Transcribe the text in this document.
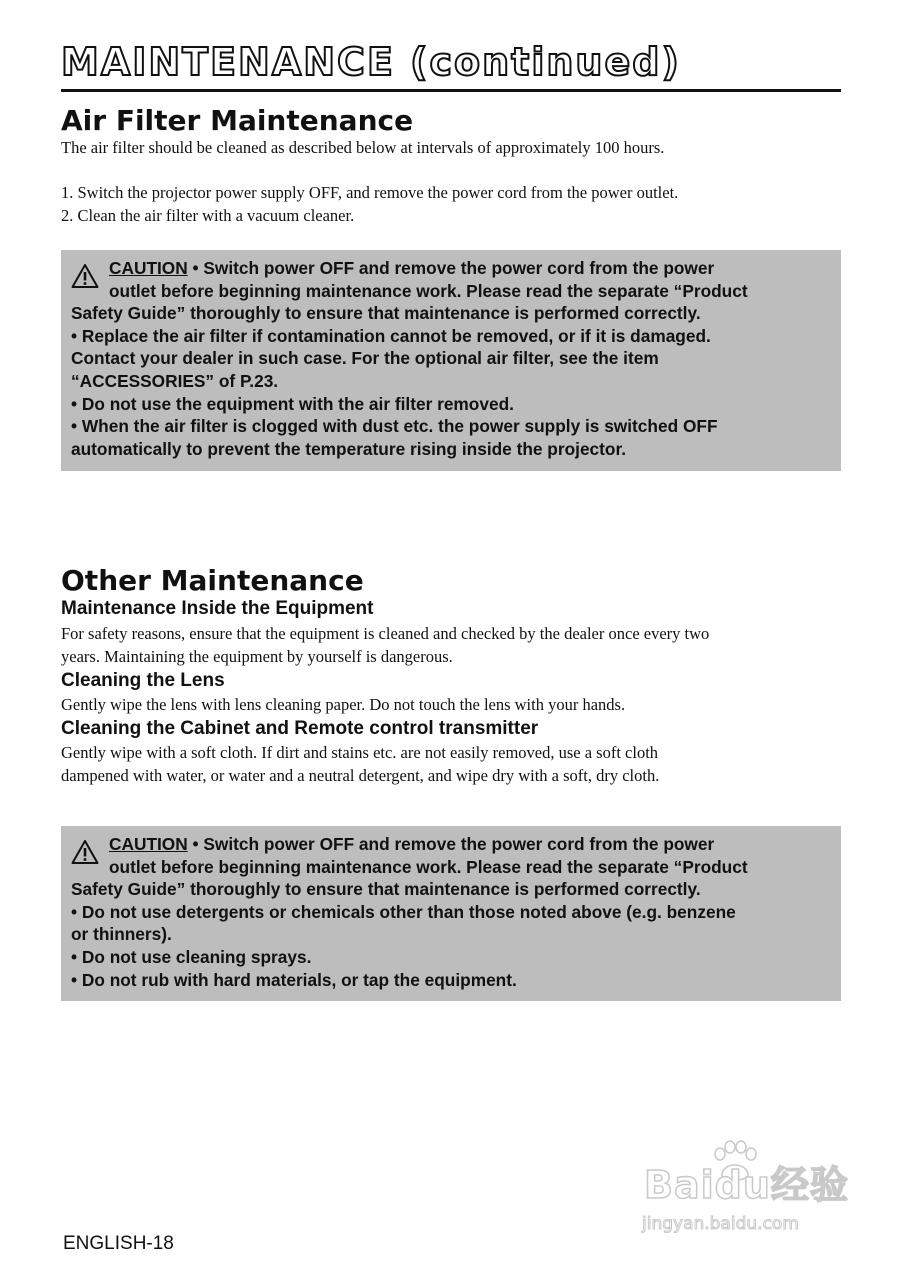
MAINTENANCE (continued)
Air Filter Maintenance

The air filter should be cleaned as described below at intervals of approximately 100 hours.

1. Switch the projector power supply OFF, and remove the power cord from the power outlet.

2. Clean the air filter with a vacuum cleaner.

CAUTION • Switch power OFF and remove the power cord from the power
outlet before beginning maintenance work. Please read the separate “Product
Safety Guide” thoroughly to ensure that maintenance is performed correctly.
• Replace the air filter if contamination cannot be removed, or if it is damaged.
Contact your dealer in such case. For the optional air filter, see the item
“ACCESSORIES” of P.23.
• Do not use the equipment with the air filter removed.
• When the air filter is clogged with dust etc. the power supply is switched OFF
automatically to prevent the temperature rising inside the projector.
Other Maintenance
Maintenance Inside the Equipment

For safety reasons, ensure that the equipment is cleaned and checked by the dealer once every two

years. Maintaining the equipment by yourself is dangerous.

Cleaning the Lens

Gently wipe the lens with lens cleaning paper. Do not touch the lens with your hands.

Cleaning the Cabinet and Remote control transmitter

Gently wipe with a soft cloth. If dirt and stains etc. are not easily removed, use a soft cloth

dampened with water, or water and a neutral detergent, and wipe dry with a soft, dry cloth.

CAUTION • Switch power OFF and remove the power cord from the power
outlet before beginning maintenance work. Please read the separate “Product
Safety Guide” thoroughly to ensure that maintenance is performed correctly.
• Do not use detergents or chemicals other than those noted above (e.g. benzene
or thinners).
• Do not use cleaning sprays.
• Do not rub with hard materials, or tap the equipment.
Baidu经验
jingyan.baidu.com
ENGLISH-18
